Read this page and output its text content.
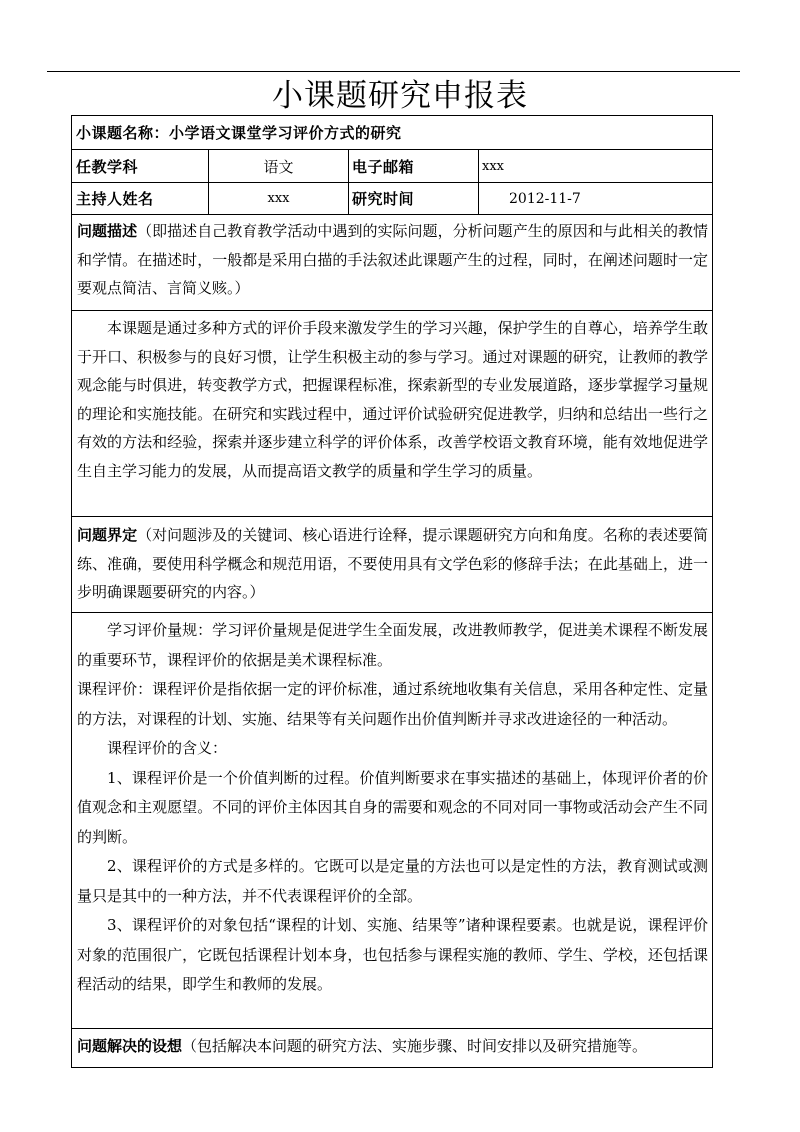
小课题研究申报表
小课题名称： 小学语文课堂学习评价方式的研究
任教学科	语文	电子邮箱	xxx
主持人姓名	xxx	研究时间	2012-11-7
问题描述（即描述自己教育教学活动中遇到的实际问题，分析问题产生的原因和与此相关的教情和学情。在描述时，一般都是采用白描的手法叙述此课题产生的过程，同时，在阐述问题时一定要观点简洁、言简义赅。）

本课题是通过多种方式的评价手段来激发学生的学习兴趣，保护学生的自尊心，培养学生敢于开口、积极参与的良好习惯，让学生积极主动的参与学习。通过对课题的研究，让教师的教学观念能与时俱进，转变教学方式，把握课程标准，探索新型的专业发展道路，逐步掌握学习量规的理论和实施技能。在研究和实践过程中，通过评价试验研究促进教学，归纳和总结出一些行之有效的方法和经验，探索并逐步建立科学的评价体系，改善学校语文教育环境，能有效地促进学生自主学习能力的发展，从而提高语文教学的质量和学生学习的质量。

问题界定（对问题涉及的关键词、核心语进行诠释，提示课题研究方向和角度。名称的表述要简练、准确，要使用科学概念和规范用语，不要使用具有文学色彩的修辞手法；在此基础上，进一步明确课题要研究的内容。）

学习评价量规：学习评价量规是促进学生全面发展，改进教师教学，促进美术课程不断发展的重要环节，课程评价的依据是美术课程标准。

课程评价：课程评价是指依据一定的评价标准，通过系统地收集有关信息，采用各种定性、定量的方法，对课程的计划、实施、结果等有关问题作出价值判断并寻求改进途径的一种活动。

课程评价的含义：

1、课程评价是一个价值判断的过程。价值判断要求在事实描述的基础上，体现评价者的价值观念和主观愿望。不同的评价主体因其自身的需要和观念的不同对同一事物或活动会产生不同的判断。

2、课程评价的方式是多样的。它既可以是定量的方法也可以是定性的方法，教育测试或测量只是其中的一种方法，并不代表课程评价的全部。

3、课程评价的对象包括“课程的计划、实施、结果等”诸种课程要素。也就是说，课程评价对象的范围很广，它既包括课程计划本身，也包括参与课程实施的教师、学生、学校，还包括课程活动的结果，即学生和教师的发展。

问题解决的设想（包括解决本问题的研究方法、实施步骤、时间安排以及研究措施等。
